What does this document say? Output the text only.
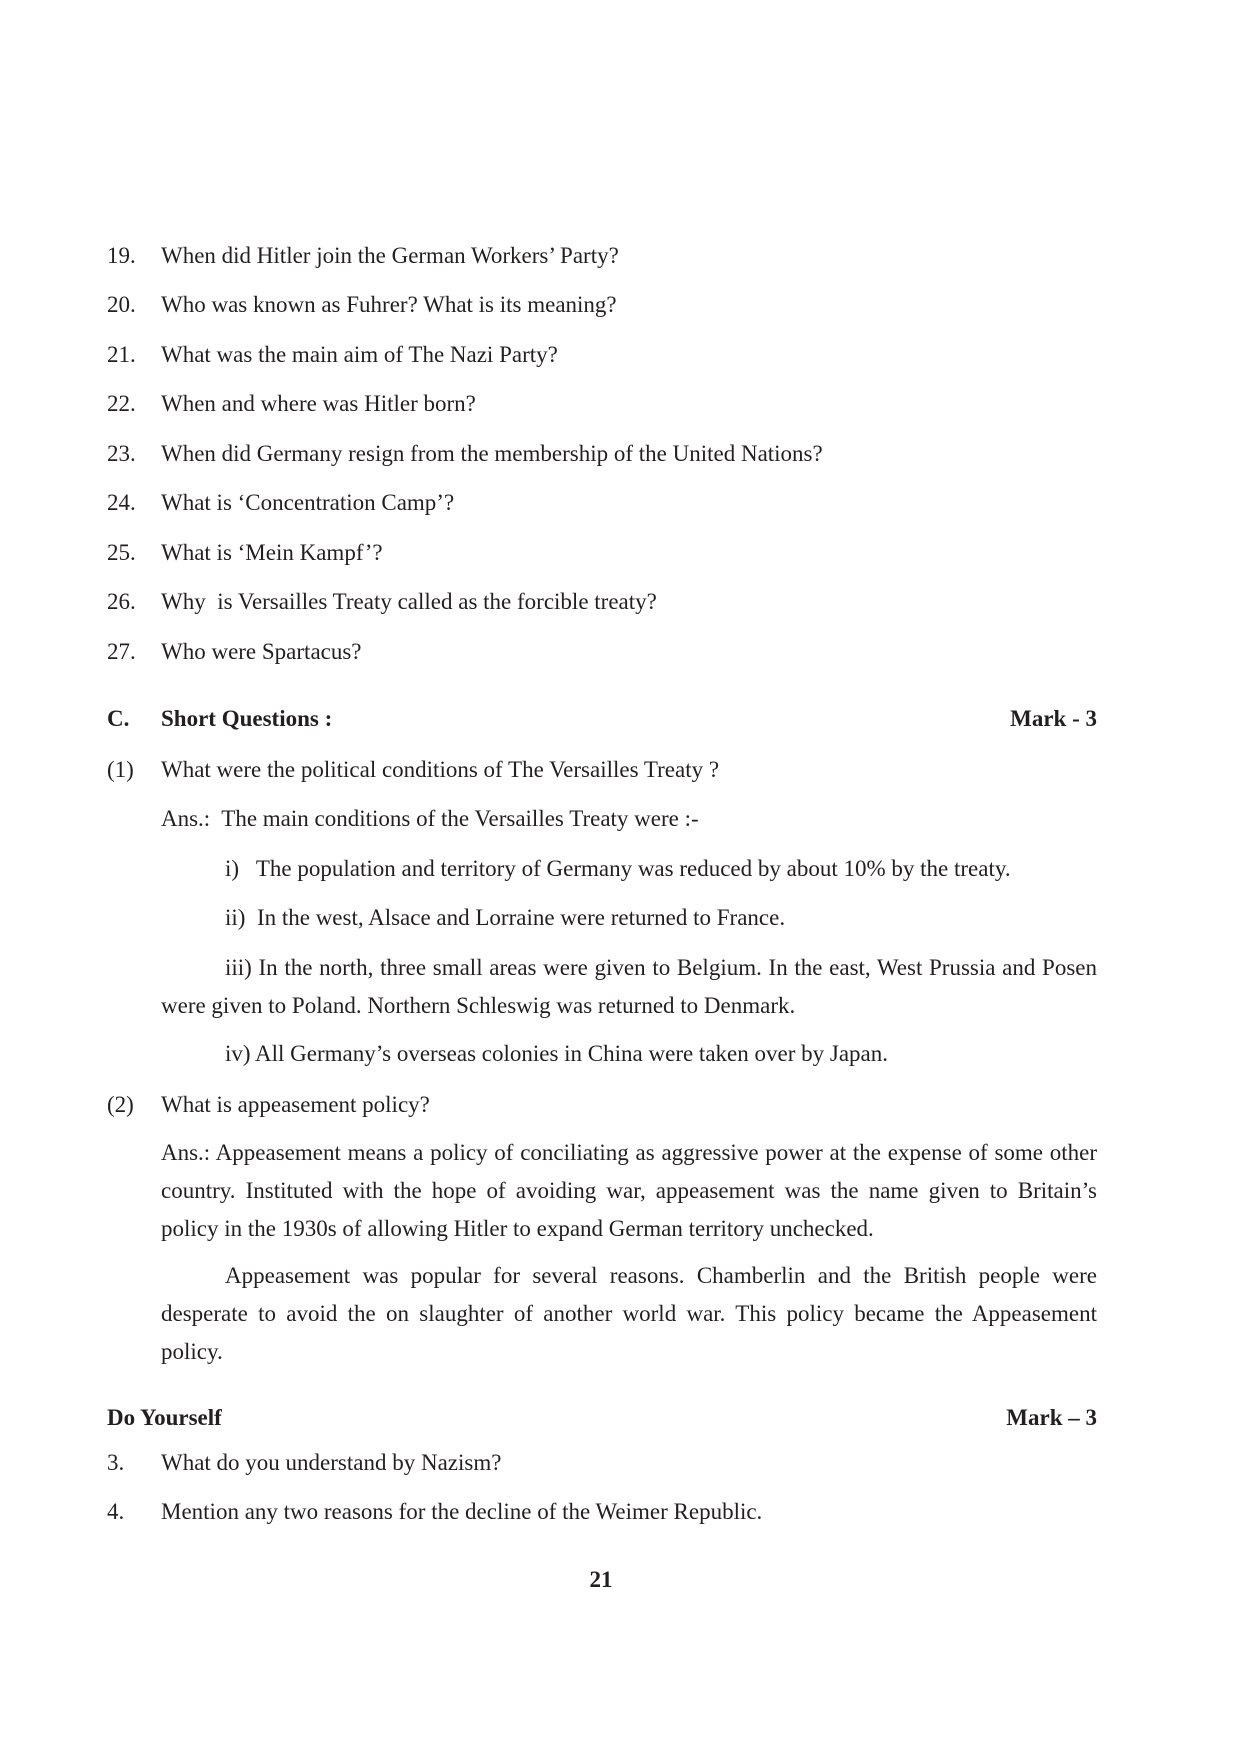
19. When did Hitler join the German Workers’ Party?
20. Who was known as Fuhrer? What is its meaning?
21. What was the main aim of The Nazi Party?
22. When and where was Hitler born?
23. When did Germany resign from the membership of the United Nations?
24. What is ‘Concentration Camp’?
25. What is ‘Mein Kampf’?
26. Why  is Versailles Treaty called as the forcible treaty?
27. Who were Spartacus?
C. Short Questions :	Mark - 3
(1) What were the political conditions of The Versailles Treaty ?
Ans.:  The main conditions of the Versailles Treaty were :-
i)   The population and territory of Germany was reduced by about 10% by the treaty.
ii)  In the west, Alsace and Lorraine were returned to France.
iii) In the north, three small areas were given to Belgium. In the east, West Prussia and Posen were given to Poland. Northern Schleswig was returned to Denmark.
iv) All Germany’s overseas colonies in China were taken over by Japan.
(2) What is appeasement policy?
Ans.: Appeasement means a policy of conciliating as aggressive power at the expense of some other country. Instituted with the hope of avoiding war, appeasement was the name given to Britain’s policy in the 1930s of allowing Hitler to expand German territory unchecked.
Appeasement was popular for several reasons. Chamberlin and the British people were desperate to avoid the on slaughter of another world war. This policy became the Appeasement policy.
Do Yourself	Mark – 3
3. What do you understand by Nazism?
4. Mention any two reasons for the decline of the Weimer Republic.
21
